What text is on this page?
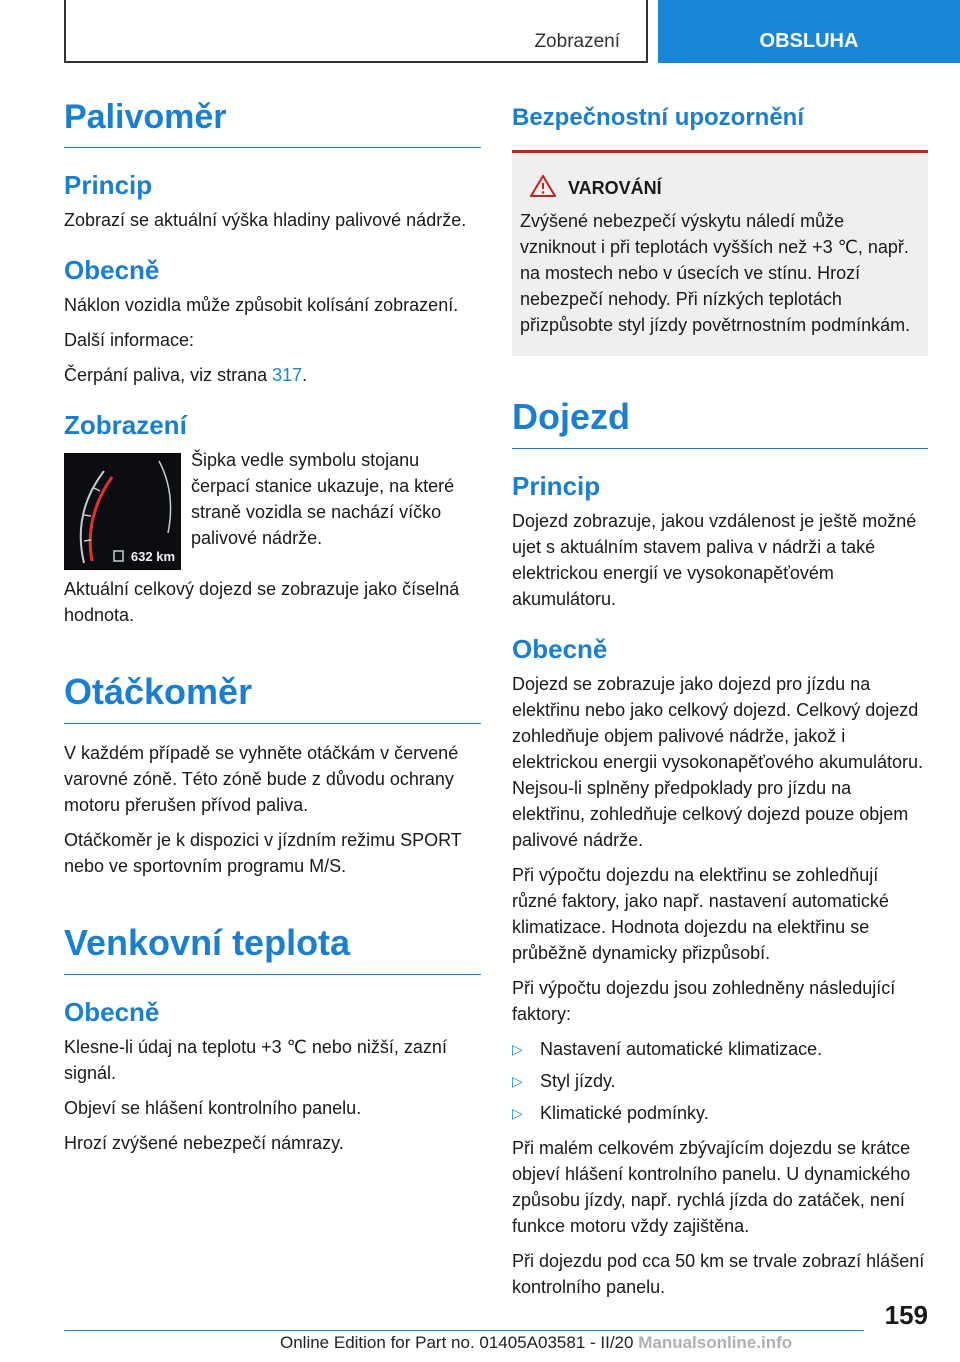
Zobrazení	OBSLUHA
Palivoměr
Princip

Zobrazí se aktuální výška hladiny palivové nádrže.

Obecně

Náklon vozidla může způsobit kolísání zobrazení.

Další informace:

Čerpání paliva, viz strana 317.

Zobrazení
632 km

Šipka vedle symbolu stojanu čerpací stanice ukazuje, na které straně vozidla se nachází víčko palivové nádrže.

Aktuální celkový dojezd se zobrazuje jako číselná hodnota.

Otáčkoměr

V každém případě se vyhněte otáčkám v červené varovné zóně. Této zóně bude z důvodu ochrany motoru přerušen přívod paliva.

Otáčkoměr je k dispozici v jízdním režimu SPORT nebo ve sportovním programu M/S.

Venkovní teplota
Obecně

Klesne-li údaj na teplotu +3 ℃ nebo nižší, zazní signál.

Objeví se hlášení kontrolního panelu.

Hrozí zvýšené nebezpečí námrazy.

Bezpečnostní upozornění
VAROVÁNÍ

Zvýšené nebezpečí výskytu náledí může vzniknout i při teplotách vyšších než +3 ℃, např. na mostech nebo v úsecích ve stínu. Hrozí nebezpečí nehody. Při nízkých teplotách přizpůsobte styl jízdy povětrnostním podmínkám.

Dojezd
Princip

Dojezd zobrazuje, jakou vzdálenost je ještě možné ujet s aktuálním stavem paliva v nádrži a také elektrickou energií ve vysokonapěťovém akumulátoru.

Obecně

Dojezd se zobrazuje jako dojezd pro jízdu na elektřinu nebo jako celkový dojezd. Celkový dojezd zohledňuje objem palivové nádrže, jakož i elektrickou energii vysokonapěťového akumulátoru. Nejsou-li splněny předpoklady pro jízdu na elektřinu, zohledňuje celkový dojezd pouze objem palivové nádrže.

Při výpočtu dojezdu na elektřinu se zohledňují různé faktory, jako např. nastavení automatické klimatizace. Hodnota dojezdu na elektřinu se průběžně dynamicky přizpůsobí.

Při výpočtu dojezdu jsou zohledněny následující faktory:

▷ Nastavení automatické klimatizace.
▷ Styl jízdy.
▷ Klimatické podmínky.

Při malém celkovém zbývajícím dojezdu se krátce objeví hlášení kontrolního panelu. U dynamického způsobu jízdy, např. rychlá jízda do zatáček, není funkce motoru vždy zajištěna.

Při dojezdu pod cca 50 km se trvale zobrazí hlášení kontrolního panelu.

159
Online Edition for Part no. 01405A03581 - II/20 Manualsonline.info
